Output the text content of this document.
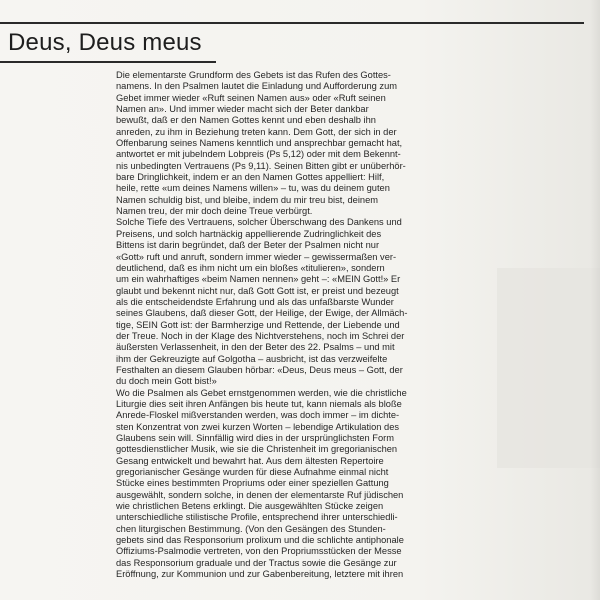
Deus, Deus meus
Die elementarste Grundform des Gebets ist das Rufen des Gottes-
namens. In den Psalmen lautet die Einladung und Aufforderung zum
Gebet immer wieder «Ruft seinen Namen aus» oder «Ruft seinen
Namen an». Und immer wieder macht sich der Beter dankbar
bewußt, daß er den Namen Gottes kennt und eben deshalb ihn
anreden, zu ihm in Beziehung treten kann. Dem Gott, der sich in der
Offenbarung seines Namens kenntlich und ansprechbar gemacht hat,
antwortet er mit jubelndem Lobpreis (Ps 5,12) oder mit dem Bekennt-
nis unbedingten Vertrauens (Ps 9,11). Seinen Bitten gibt er unüberhör-
bare Dringlichkeit, indem er an den Namen Gottes appelliert: Hilf,
heile, rette «um deines Namens willen» – tu, was du deinem guten
Namen schuldig bist, und bleibe, indem du mir treu bist, deinem
Namen treu, der mir doch deine Treue verbürgt.
Solche Tiefe des Vertrauens, solcher Überschwang des Dankens und
Preisens, und solch hartnäckig appellierende Zudringlichkeit des
Bittens ist darin begründet, daß der Beter der Psalmen nicht nur
«Gott» ruft und anruft, sondern immer wieder – gewissermaßen ver-
deutlichend, daß es ihm nicht um ein bloßes «titulieren», sondern
um ein wahrhaftiges «beim Namen nennen» geht –: «MEIN Gott!» Er
glaubt und bekennt nicht nur, daß Gott Gott ist, er preist und bezeugt
als die entscheidendste Erfahrung und als das unfaßbarste Wunder
seines Glaubens, daß dieser Gott, der Heilige, der Ewige, der Allmäch-
tige, SEIN Gott ist: der Barmherzige und Rettende, der Liebende und
der Treue. Noch in der Klage des Nichtverstehens, noch im Schrei der
äußersten Verlassenheit, in den der Beter des 22. Psalms – und mit
ihm der Gekreuzigte auf Golgotha – ausbricht, ist das verzweifelte
Festhalten an diesem Glauben hörbar: «Deus, Deus meus – Gott, der
du doch mein Gott bist!»
Wo die Psalmen als Gebet ernstgenommen werden, wie die christliche
Liturgie dies seit ihren Anfängen bis heute tut, kann niemals als bloße
Anrede-Floskel mißverstanden werden, was doch immer – im dichte-
sten Konzentrat von zwei kurzen Worten – lebendige Artikulation des
Glaubens sein will. Sinnfällig wird dies in der ursprünglichsten Form
gottesdienstlicher Musik, wie sie die Christenheit im gregorianischen
Gesang entwickelt und bewahrt hat. Aus dem ältesten Repertoire
gregorianischer Gesänge wurden für diese Aufnahme einmal nicht
Stücke eines bestimmten Propriums oder einer speziellen Gattung
ausgewählt, sondern solche, in denen der elementarste Ruf jüdischen
wie christlichen Betens erklingt. Die ausgewählten Stücke zeigen
unterschiedliche stilistische Profile, entsprechend ihrer unterschiedli-
chen liturgischen Bestimmung. (Von den Gesängen des Stunden-
gebets sind das Responsorium prolixum und die schlichte antiphonale
Offiziums-Psalmodie vertreten, von den Propriumsstücken der Messe
das Responsorium graduale und der Tractus sowie die Gesänge zur
Eröffnung, zur Kommunion und zur Gabenbereitung, letztere mit ihren
